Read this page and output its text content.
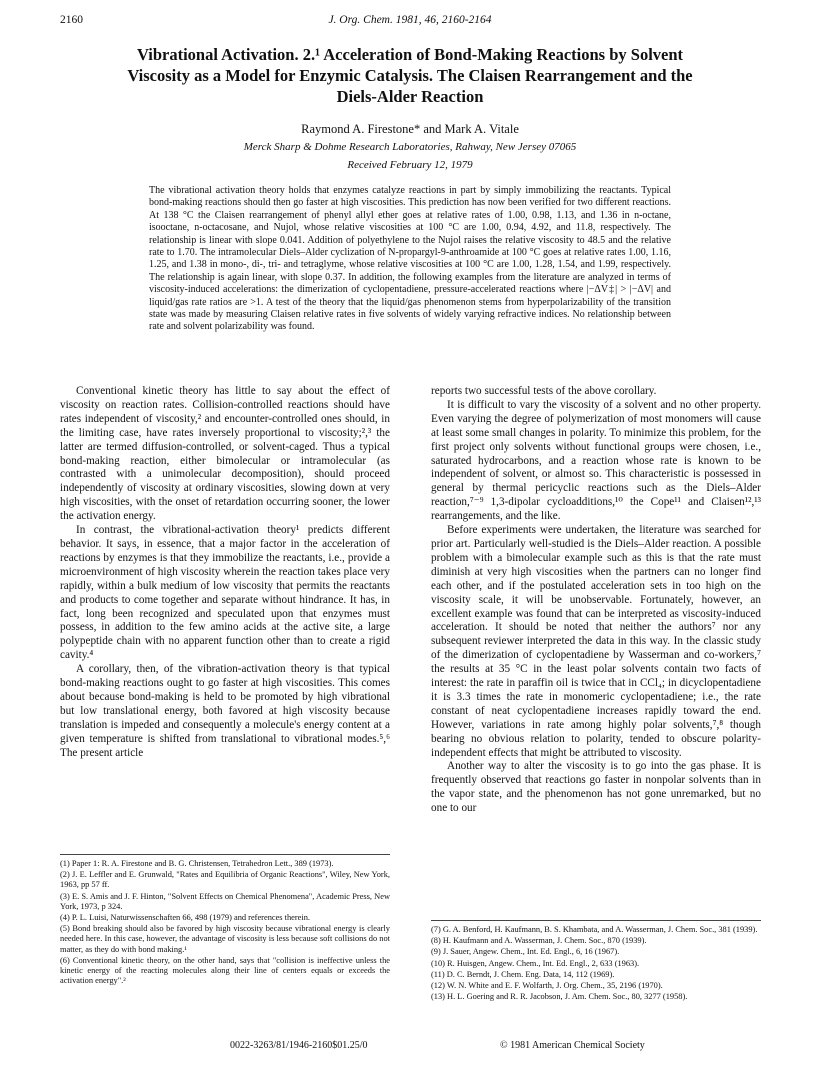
2160	J. Org. Chem. 1981, 46, 2160-2164
Vibrational Activation. 2.¹ Acceleration of Bond-Making Reactions by Solvent Viscosity as a Model for Enzymic Catalysis. The Claisen Rearrangement and the Diels-Alder Reaction
Raymond A. Firestone* and Mark A. Vitale
Merck Sharp & Dohme Research Laboratories, Rahway, New Jersey 07065
Received February 12, 1979

The vibrational activation theory holds that enzymes catalyze reactions in part by simply immobilizing the reactants. Typical bond-making reactions should then go faster at high viscosities. This prediction has now been verified for two different reactions. At 138 °C the Claisen rearrangement of phenyl allyl ether goes at relative rates of 1.00, 0.98, 1.13, and 1.36 in n-octane, isooctane, n-octacosane, and Nujol, whose relative viscosities at 100 °C are 1.00, 0.94, 4.92, and 11.8, respectively. The relationship is linear with slope 0.041. Addition of polyethylene to the Nujol raises the relative viscosity to 48.5 and the relative rate to 1.70. The intramolecular Diels–Alder cyclization of N-propargyl-9-anthroamide at 100 °C goes at relative rates 1.00, 1.16, 1.25, and 1.38 in mono-, di-, tri- and tetraglyme, whose relative viscosities at 100 °C are 1.00, 1.28, 1.54, and 1.99, respectively. The relationship is again linear, with slope 0.37. In addition, the following examples from the literature are analyzed in terms of viscosity-induced accelerations: the dimerization of cyclopentadiene, pressure-accelerated reactions where |−ΔV‡| > |−ΔV| and liquid/gas rate ratios are >1. A test of the theory that the liquid/gas phenomenon stems from hyperpolarizability of the transition state was made by measuring Claisen relative rates in five solvents of widely varying refractive indices. No relationship between rate and solvent polarizability was found.

Conventional kinetic theory has little to say about the effect of viscosity on reaction rates. Collision-controlled reactions should have rates independent of viscosity,² and encounter-controlled ones should, in the limiting case, have rates inversely proportional to viscosity;²,³ the latter are termed diffusion-controlled, or solvent-caged. Thus a typical bond-making reaction, either bimolecular or intramolecular (as contrasted with a unimolecular decomposition), should proceed independently of viscosity at ordinary viscosities, slowing down at very high viscosities, with the onset of retardation occurring sooner, the lower the activation energy.

In contrast, the vibrational-activation theory¹ predicts different behavior. It says, in essence, that a major factor in the acceleration of reactions by enzymes is that they immobilize the reactants, i.e., provide a microenvironment of high viscosity wherein the reaction takes place very rapidly, within a bulk medium of low viscosity that permits the reactants and products to come together and separate without hindrance. It has, in fact, long been recognized and speculated upon that enzymes must possess, in addition to the few amino acids at the active site, a large polypeptide chain with no apparent function other than to create a rigid cavity.⁴

A corollary, then, of the vibration-activation theory is that typical bond-making reactions ought to go faster at high viscosities. This comes about because bond-making is held to be promoted by high vibrational but low translational energy, both favored at high viscosity because translation is impeded and consequently a molecule's energy content at a given temperature is shifted from translational to vibrational modes.⁵,⁶ The present article

reports two successful tests of the above corollary.

It is difficult to vary the viscosity of a solvent and no other property. Even varying the degree of polymerization of most monomers will cause at least some small changes in polarity. To minimize this problem, for the first project only solvents without functional groups were chosen, i.e., saturated hydrocarbons, and a reaction whose rate is known to be independent of solvent, or almost so. This characteristic is possessed in general by thermal pericyclic reactions such as the Diels–Alder reaction,⁷⁻⁹ 1,3-dipolar cycloadditions,¹⁰ the Cope¹¹ and Claisen¹²,¹³ rearrangements, and the like.

Before experiments were undertaken, the literature was searched for prior art. Particularly well-studied is the Diels–Alder reaction. A possible problem with a bimolecular example such as this is that the rate must diminish at very high viscosities when the partners can no longer find each other, and if the postulated acceleration sets in too high on the viscosity scale, it will be unobservable. Fortunately, however, an excellent example was found that can be interpreted as viscosity-induced acceleration. It should be noted that neither the authors⁷ nor any subsequent reviewer interpreted the data in this way. In the classic study of the dimerization of cyclopentadiene by Wasserman and co-workers,⁷ the results at 35 °C in the least polar solvents contain two facts of interest: the rate in paraffin oil is twice that in CCl₄; in dicyclopentadiene it is 3.3 times the rate in monomeric cyclopentadiene; i.e., the rate constant of neat cyclopentadiene increases rapidly toward the end. However, variations in rate among highly polar solvents,⁷,⁸ though bearing no obvious relation to polarity, tended to obscure polarity-independent effects that might be attributed to viscosity.

Another way to alter the viscosity is to go into the gas phase. It is frequently observed that reactions go faster in nonpolar solvents than in the vapor state, and the phenomenon has not gone unremarked, but no one to our

(1) Paper 1: R. A. Firestone and B. G. Christensen, Tetrahedron Lett., 389 (1973).
(2) J. E. Leffler and E. Grunwald, "Rates and Equilibria of Organic Reactions", Wiley, New York, 1963, pp 57 ff.
(3) E. S. Amis and J. F. Hinton, "Solvent Effects on Chemical Phenomena", Academic Press, New York, 1973, p 324.
(4) P. L. Luisi, Naturwissenschaften 66, 498 (1979) and references therein.
(5) Bond breaking should also be favored by high viscosity because vibrational energy is clearly needed here. In this case, however, the advantage of viscosity is less because soft collisions do not matter, as they do with bond making.¹
(6) Conventional kinetic theory, on the other hand, says that "collision is ineffective unless the kinetic energy of the reacting molecules along their line of centers equals or exceeds the activation energy".²
(7) G. A. Benford, H. Kaufmann, B. S. Khambata, and A. Wasserman, J. Chem. Soc., 381 (1939).
(8) H. Kaufmann and A. Wasserman, J. Chem. Soc., 870 (1939).
(9) J. Sauer, Angew. Chem., Int. Ed. Engl., 6, 16 (1967).
(10) R. Huisgen, Angew. Chem., Int. Ed. Engl., 2, 633 (1963).
(11) D. C. Berndt, J. Chem. Eng. Data, 14, 112 (1969).
(12) W. N. White and E. F. Wolfarth, J. Org. Chem., 35, 2196 (1970).
(13) H. L. Goering and R. R. Jacobson, J. Am. Chem. Soc., 80, 3277 (1958).
0022-3263/81/1946-2160$01.25/0	© 1981 American Chemical Society
